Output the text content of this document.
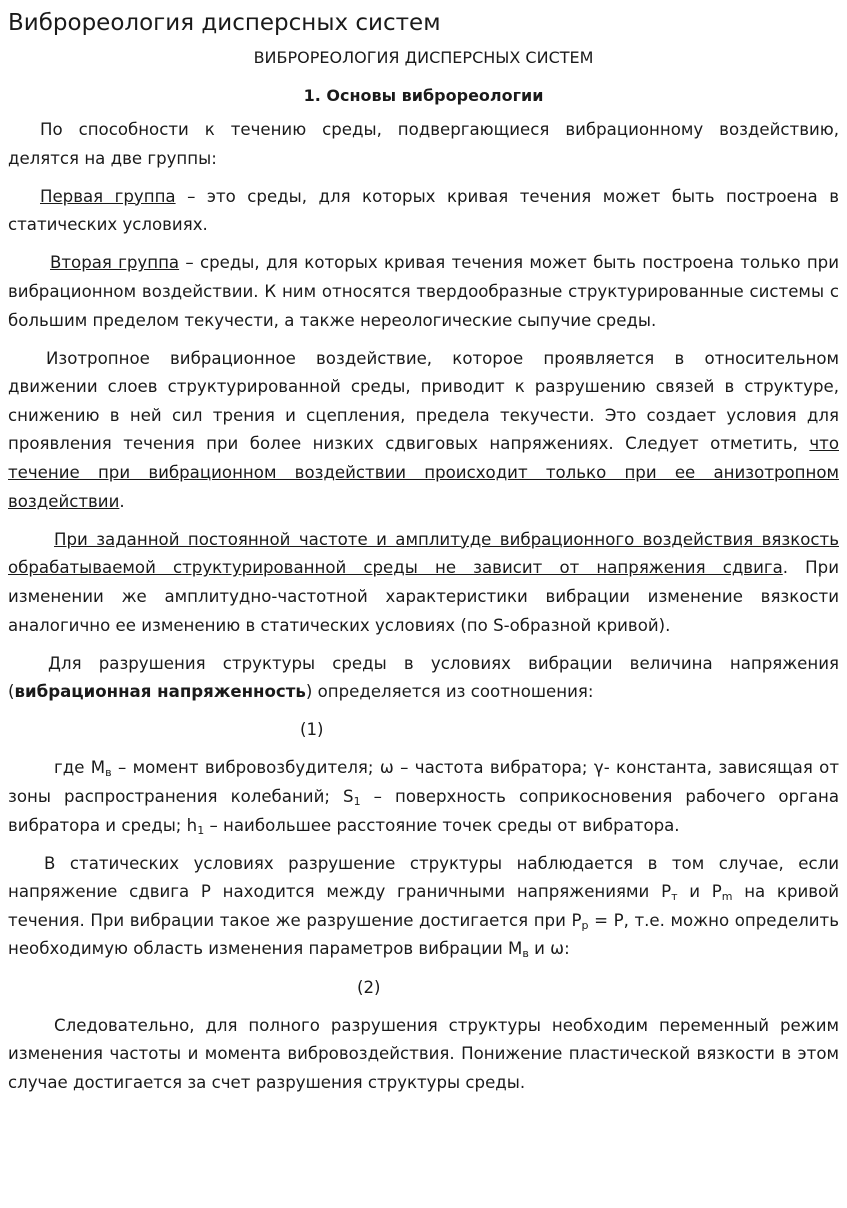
Виброреология дисперсных систем
ВИБРОРЕОЛОГИЯ ДИСПЕРСНЫХ СИСТЕМ
1. Основы виброреологии

По способности к течению среды, подвергающиеся вибрационному воздействию, делятся на две группы:

Первая группа – это среды, для которых кривая течения может быть построена в статических условиях.

Вторая группа – среды, для которых кривая течения может быть построена только при вибрационном воздействии. К ним относятся твердообразные структурированные системы с большим пределом текучести, а также нереологические сыпучие среды.

Изотропное вибрационное воздействие, которое проявляется в относительном движении слоев структурированной среды, приводит к разрушению связей в структуре, снижению в ней сил трения и сцепления, предела текучести. Это создает условия для проявления течения при более низких сдвиговых напряжениях. Следует отметить, что течение при вибрационном воздействии происходит только при ее анизотропном воздействии.

При заданной постоянной частоте и амплитуде вибрационного воздействия вязкость обрабатываемой структурированной среды не зависит от напряжения сдвига. При изменении же амплитудно-частотной характеристики вибрации изменение вязкости аналогично ее изменению в статических условиях (по S-образной кривой).

Для разрушения структуры среды в условиях вибрации величина напряжения (вибрационная напряженность) определяется из соотношения:

(1)

где $M_в$ – момент вибровозбудителя; ω – частота вибратора; γ- константа, зависящая от зоны распространения колебаний; $S_1$ – поверхность соприкосновения рабочего органа вибратора и среды; $h_1$ – наибольшее расстояние точек среды от вибратора.

В статических условиях разрушение структуры наблюдается в том случае, если напряжение сдвига P находится между граничными напряжениями $P_т$ и $P_m$ на кривой течения. При вибрации такое же разрушение достигается при $P_р = P$, т.е. можно определить необходимую область изменения параметров вибрации $M_в$ и ω:

(2)

Следовательно, для полного разрушения структуры необходим переменный режим изменения частоты и момента вибровоздействия. Понижение пластической вязкости в этом случае достигается за счет разрушения структуры среды.
